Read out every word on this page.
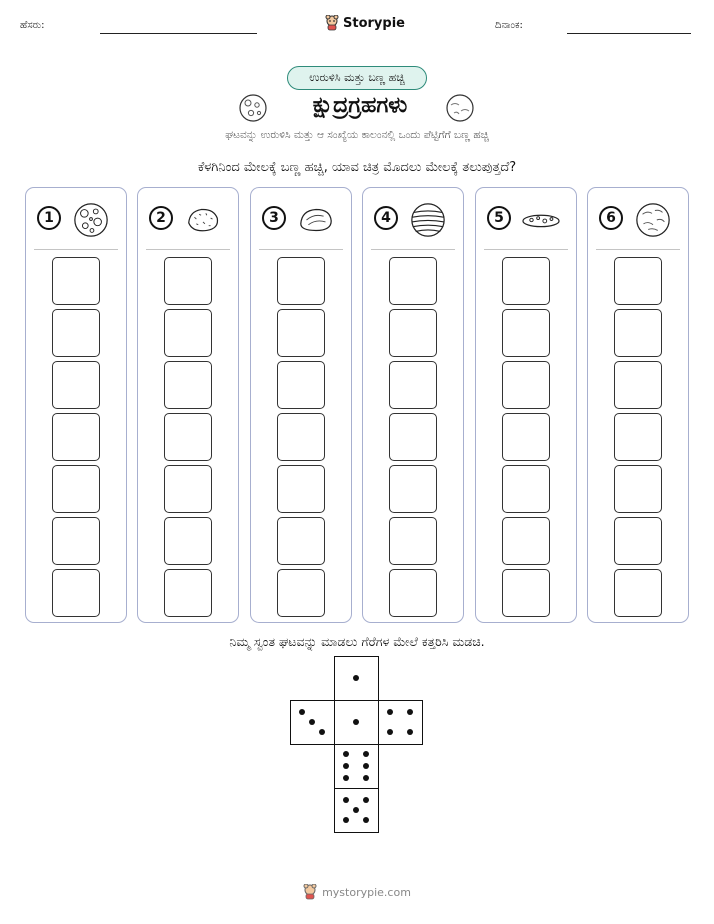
ಹೆಸರು:	Storypie	ದಿನಾಂಕ:
ಉರುಳಿಸಿ ಮತ್ತು ಬಣ್ಣ ಹಚ್ಚಿ
ಕ್ಷುದ್ರಗ್ರಹಗಳು
ಘಟವನ್ನು ಉರುಳಿಸಿ ಮತ್ತು ಆ ಸಂಖ್ಯೆಯ ಕಾಲಂನಲ್ಲಿ ಒಂದು ಪೆಟ್ಟಿಗೆಗೆ ಬಣ್ಣ ಹಚ್ಚಿ
ಕೆಳಗಿನಿಂದ ಮೇಲಕ್ಕೆ ಬಣ್ಣ ಹಚ್ಚಿ, ಯಾವ ಚಿತ್ರ ಮೊದಲು ಮೇಲಕ್ಕೆ ತಲುಪುತ್ತದೆ?
1	2	3	4	5	6
ನಿಮ್ಮ ಸ್ವಂತ ಘಟವನ್ನು ಮಾಡಲು ಗೆರೆಗಳ ಮೇಲೆ ಕತ್ತರಿಸಿ ಮಡಚಿ.
mystorypie.com
